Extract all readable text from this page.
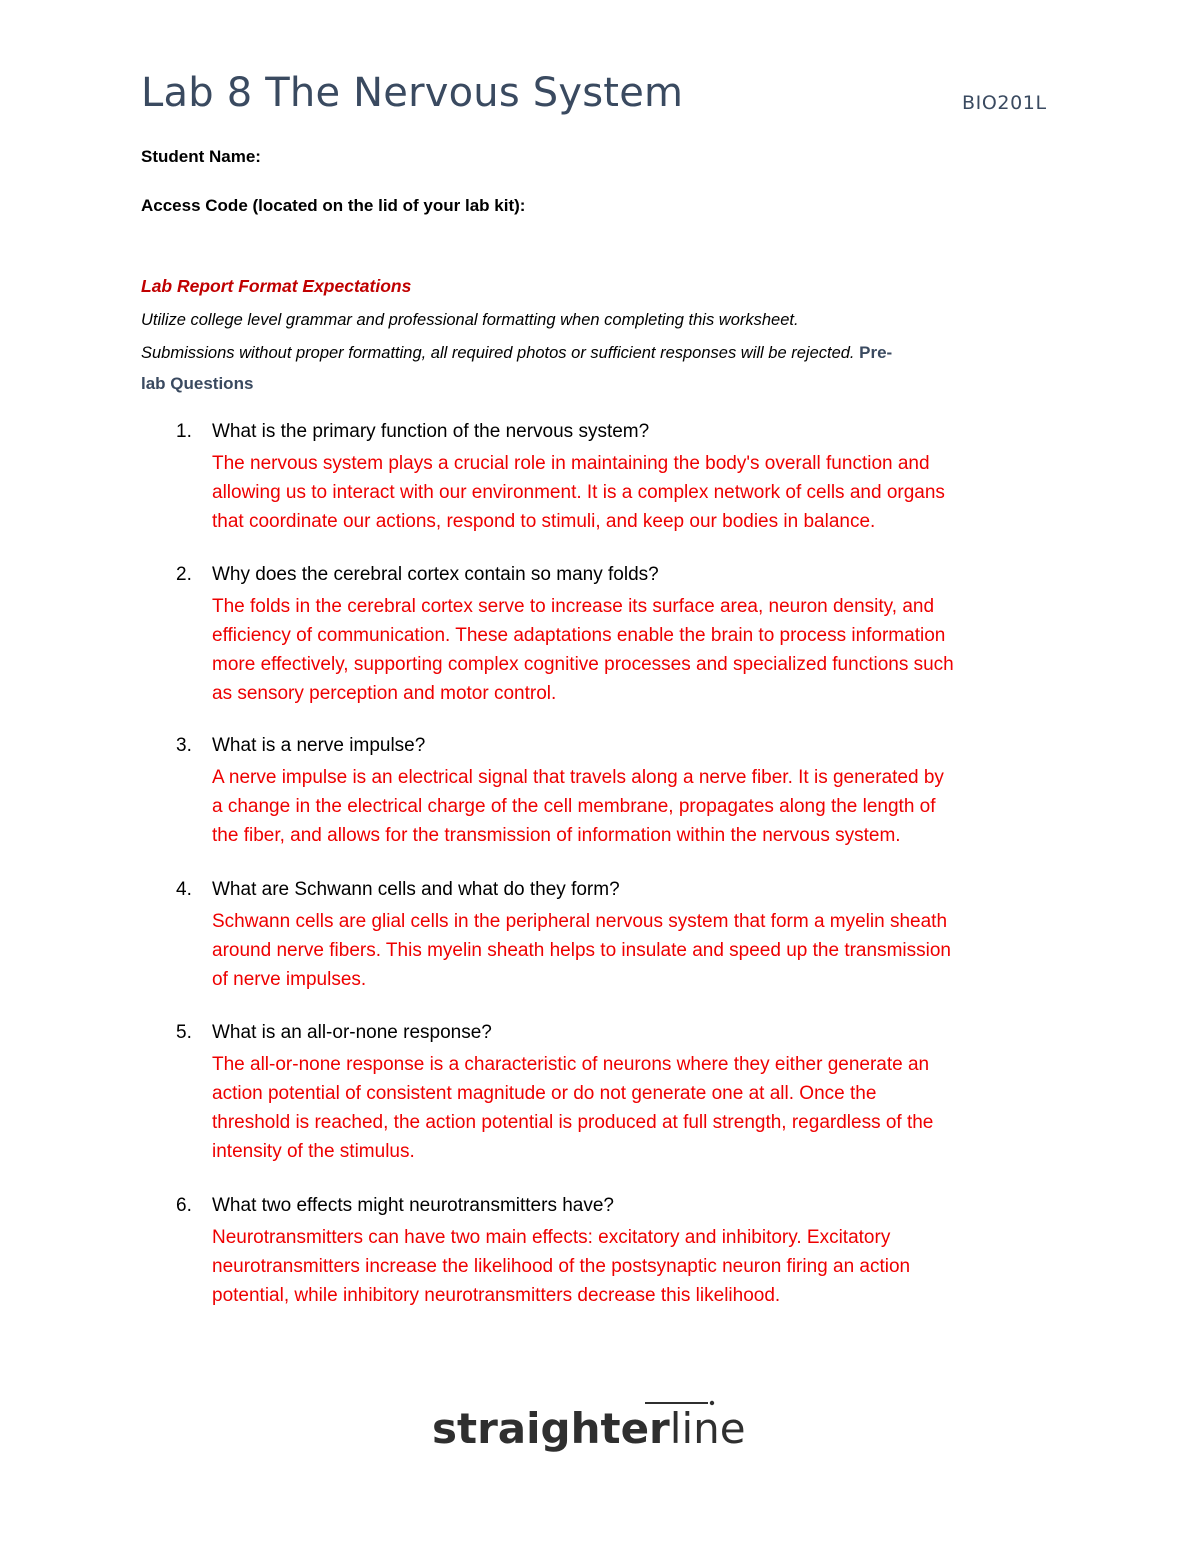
Lab 8 The Nervous System	BIO201L
Student Name:
Access Code (located on the lid of your lab kit):
Lab Report Format Expectations
Utilize college level grammar and professional formatting when completing this worksheet.
Submissions without proper formatting, all required photos or sufficient responses will be rejected. Pre-
lab Questions
1. What is the primary function of the nervous system?
The nervous system plays a crucial role in maintaining the body's overall function and
allowing us to interact with our environment. It is a complex network of cells and organs
that coordinate our actions, respond to stimuli, and keep our bodies in balance.
2. Why does the cerebral cortex contain so many folds?
The folds in the cerebral cortex serve to increase its surface area, neuron density, and
efficiency of communication. These adaptations enable the brain to process information
more effectively, supporting complex cognitive processes and specialized functions such
as sensory perception and motor control.
3. What is a nerve impulse?
A nerve impulse is an electrical signal that travels along a nerve fiber. It is generated by
a change in the electrical charge of the cell membrane, propagates along the length of
the fiber, and allows for the transmission of information within the nervous system.
4. What are Schwann cells and what do they form?
Schwann cells are glial cells in the peripheral nervous system that form a myelin sheath
around nerve fibers. This myelin sheath helps to insulate and speed up the transmission
of nerve impulses.
5. What is an all-or-none response?
The all-or-none response is a characteristic of neurons where they either generate an
action potential of consistent magnitude or do not generate one at all. Once the
threshold is reached, the action potential is produced at full strength, regardless of the
intensity of the stimulus.
6. What two effects might neurotransmitters have?
Neurotransmitters can have two main effects: excitatory and inhibitory. Excitatory
neurotransmitters increase the likelihood of the postsynaptic neuron firing an action
potential, while inhibitory neurotransmitters decrease this likelihood.
straighterline
